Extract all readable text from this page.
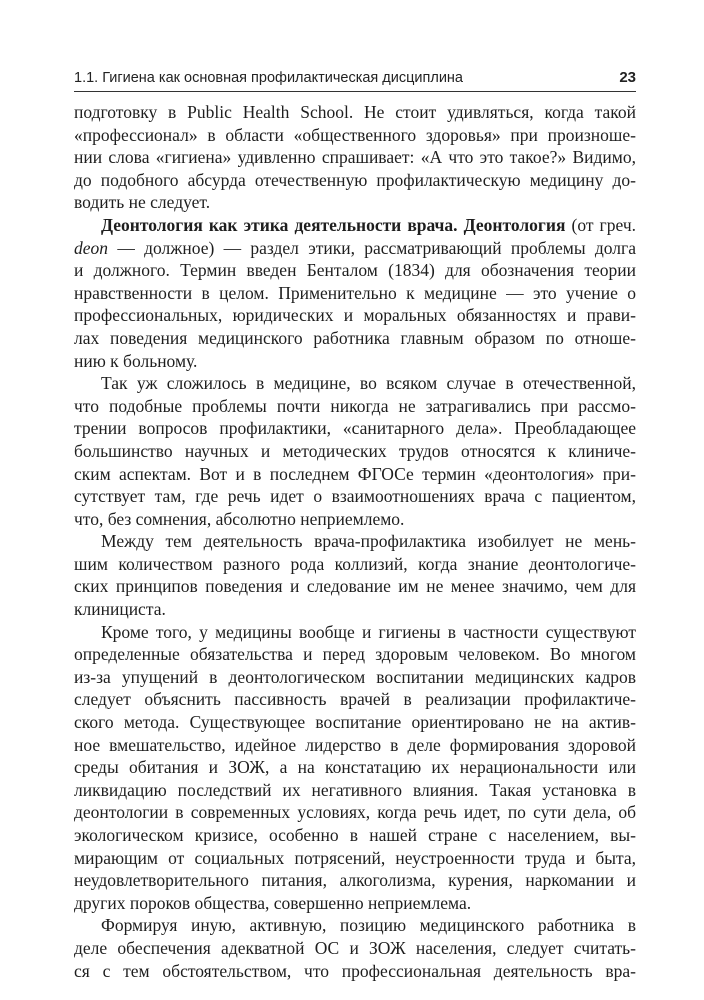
1.1. Гигиена как основная профилактическая дисциплина	23
подготовку в Public Health School. Не стоит удивляться, когда такой
«профессионал» в области «общественного здоровья» при произноше-
нии слова «гигиена» удивленно спрашивает: «А что это такое?» Видимо,
до подобного абсурда отечественную профилактическую медицину до-
водить не следует.
Деонтология как этика деятельности врача. Деонтология (от греч.
deon — должное) — раздел этики, рассматривающий проблемы долга
и должного. Термин введен Бенталом (1834) для обозначения теории
нравственности в целом. Применительно к медицине — это учение о
профессиональных, юридических и моральных обязанностях и прави-
лах поведения медицинского работника главным образом по отноше-
нию к больному.
Так уж сложилось в медицине, во всяком случае в отечественной,
что подобные проблемы почти никогда не затрагивались при рассмо-
трении вопросов профилактики, «санитарного дела». Преобладающее
большинство научных и методических трудов относятся к клиниче-
ским аспектам. Вот и в последнем ФГОСе термин «деонтология» при-
сутствует там, где речь идет о взаимоотношениях врача с пациентом,
что, без сомнения, абсолютно неприемлемо.
Между тем деятельность врача-профилактика изобилует не мень-
шим количеством разного рода коллизий, когда знание деонтологиче-
ских принципов поведения и следование им не менее значимо, чем для
клинициста.
Кроме того, у медицины вообще и гигиены в частности существуют
определенные обязательства и перед здоровым человеком. Во многом
из-за упущений в деонтологическом воспитании медицинских кадров
следует объяснить пассивность врачей в реализации профилактиче-
ского метода. Существующее воспитание ориентировано не на актив-
ное вмешательство, идейное лидерство в деле формирования здоровой
среды обитания и ЗОЖ, а на констатацию их нерациональности или
ликвидацию последствий их негативного влияния. Такая установка в
деонтологии в современных условиях, когда речь идет, по сути дела, об
экологическом кризисе, особенно в нашей стране с населением, вы-
мирающим от социальных потрясений, неустроенности труда и быта,
неудовлетворительного питания, алкоголизма, курения, наркомании и
других пороков общества, совершенно неприемлема.
Формируя иную, активную, позицию медицинского работника в
деле обеспечения адекватной ОС и ЗОЖ населения, следует считать-
ся с тем обстоятельством, что профессиональная деятельность вра-
